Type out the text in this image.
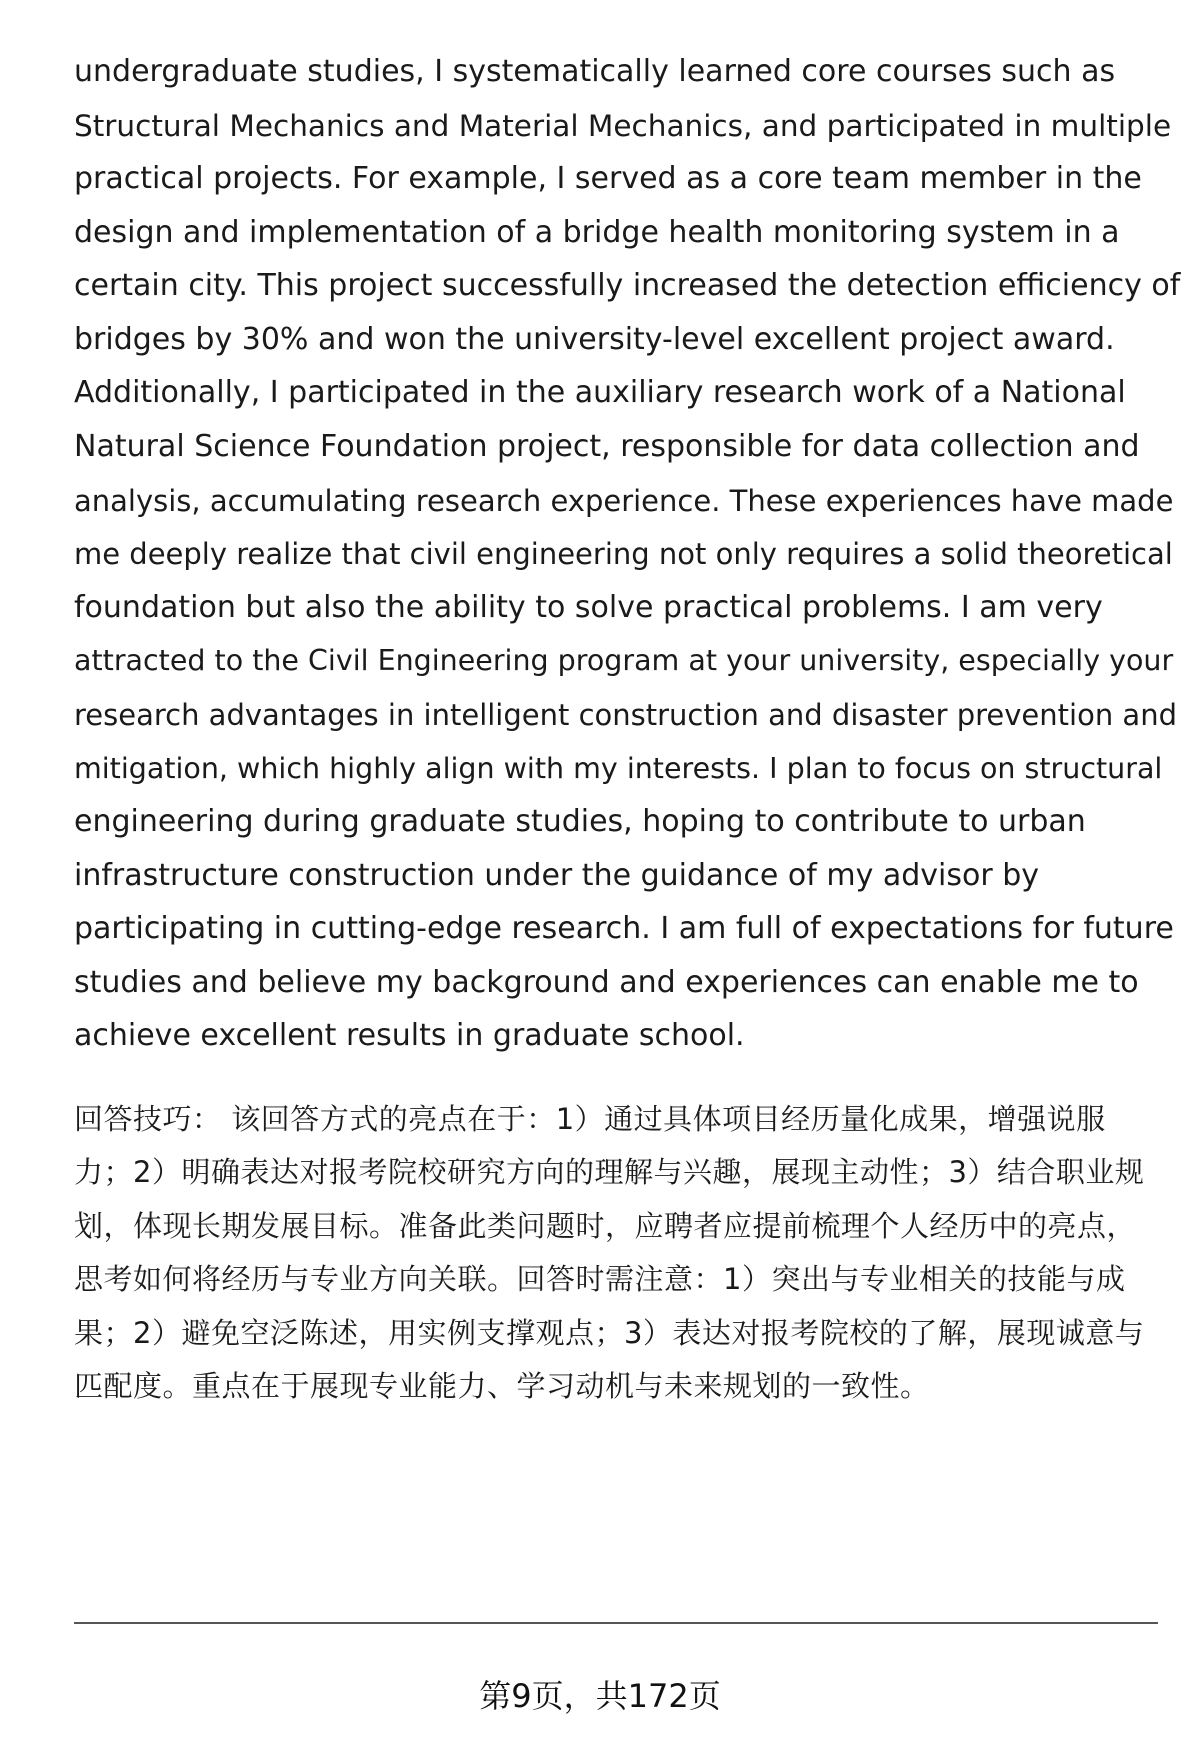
undergraduate studies, I systematically learned core courses such as
Structural Mechanics and Material Mechanics, and participated in multiple
practical projects. For example, I served as a core team member in the
design and implementation of a bridge health monitoring system in a
certain city. This project successfully increased the detection efficiency of
bridges by 30% and won the university-level excellent project award.
Additionally, I participated in the auxiliary research work of a National
Natural Science Foundation project, responsible for data collection and
analysis, accumulating research experience. These experiences have made
me deeply realize that civil engineering not only requires a solid theoretical
foundation but also the ability to solve practical problems. I am very
attracted to the Civil Engineering program at your university, especially your
research advantages in intelligent construction and disaster prevention and
mitigation, which highly align with my interests. I plan to focus on structural
engineering during graduate studies, hoping to contribute to urban
infrastructure construction under the guidance of my advisor by
participating in cutting-edge research. I am full of expectations for future
studies and believe my background and experiences can enable me to
achieve excellent results in graduate school.
回答技巧： 该回答方式的亮点在于：1）通过具体项目经历量化成果，增强说服
力；2）明确表达对报考院校研究方向的理解与兴趣，展现主动性；3）结合职业规
划，体现长期发展目标。准备此类问题时，应聘者应提前梳理个人经历中的亮点，
思考如何将经历与专业方向关联。回答时需注意：1）突出与专业相关的技能与成
果；2）避免空泛陈述，用实例支撑观点；3）表达对报考院校的了解，展现诚意与
匹配度。重点在于展现专业能力、学习动机与未来规划的一致性。
第9页，共172页
